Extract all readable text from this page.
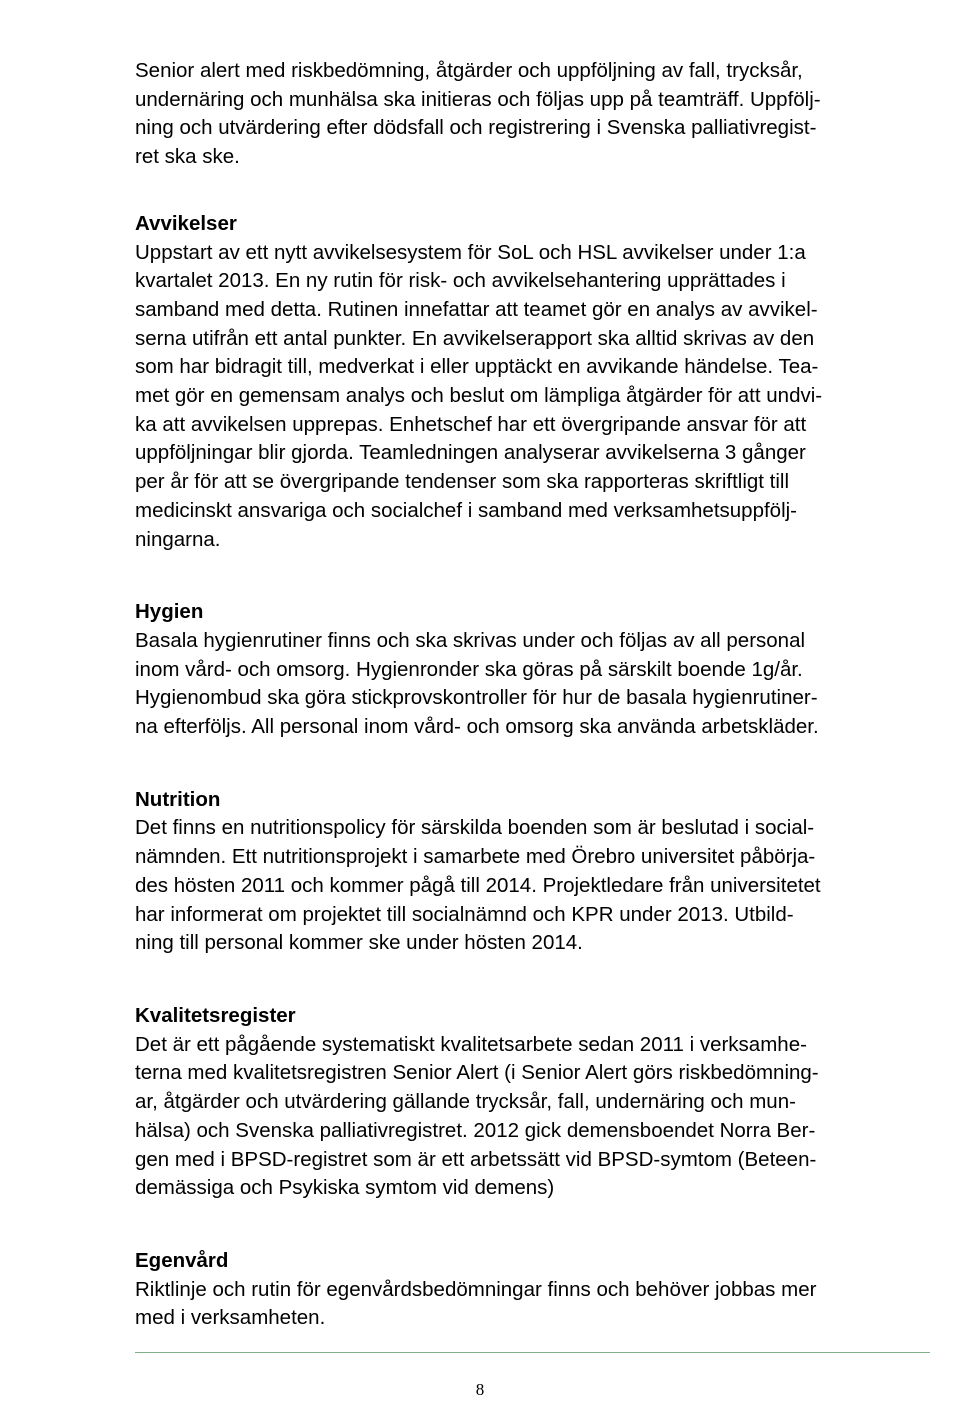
Senior alert med riskbedömning, åtgärder och uppföljning av fall, trycksår,
undernäring och munhälsa ska initieras och följas upp på teamträff. Uppfölj-
ning och utvärdering efter dödsfall och registrering i Svenska palliativregist-
ret ska ske.

Avvikelser

Uppstart av ett nytt avvikelsesystem för SoL och HSL avvikelser under 1:a
kvartalet 2013. En ny rutin för risk- och avvikelsehantering upprättades i
samband med detta. Rutinen innefattar att teamet gör en analys av avvikel-
serna utifrån ett antal punkter. En avvikelserapport ska alltid skrivas av den
som har bidragit till, medverkat i eller upptäckt en avvikande händelse. Tea-
met gör en gemensam analys och beslut om lämpliga åtgärder för att undvi-
ka att avvikelsen upprepas. Enhetschef har ett övergripande ansvar för att
uppföljningar blir gjorda. Teamledningen analyserar avvikelserna 3 gånger
per år för att se övergripande tendenser som ska rapporteras skriftligt till
medicinskt ansvariga och socialchef i samband med verksamhetsuppfölj-
ningarna.

Hygien

Basala hygienrutiner finns och ska skrivas under och följas av all personal
inom vård- och omsorg. Hygienronder ska göras på särskilt boende 1g/år.
Hygienombud ska göra stickprovskontroller för hur de basala hygienrutiner-
na efterföljs. All personal inom vård- och omsorg ska använda arbetskläder.

Nutrition

Det finns en nutritionspolicy för särskilda boenden som är beslutad i social-
nämnden. Ett nutritionsprojekt i samarbete med Örebro universitet påbörja-
des hösten 2011 och kommer pågå till 2014. Projektledare från universitetet
har informerat om projektet till socialnämnd och KPR under 2013. Utbild-
ning till personal kommer ske under hösten 2014.

Kvalitetsregister

Det är ett pågående systematiskt kvalitetsarbete sedan 2011 i verksamhe-
terna med kvalitetsregistren Senior Alert (i Senior Alert görs riskbedömning-
ar, åtgärder och utvärdering gällande trycksår, fall, undernäring och mun-
hälsa) och Svenska palliativregistret. 2012 gick demensboendet Norra Ber-
gen med i BPSD-registret som är ett arbetssätt vid BPSD-symtom (Beteen-
demässiga och Psykiska symtom vid demens)

Egenvård

Riktlinje och rutin för egenvårdsbedömningar finns och behöver jobbas mer
med i verksamheten.

8
